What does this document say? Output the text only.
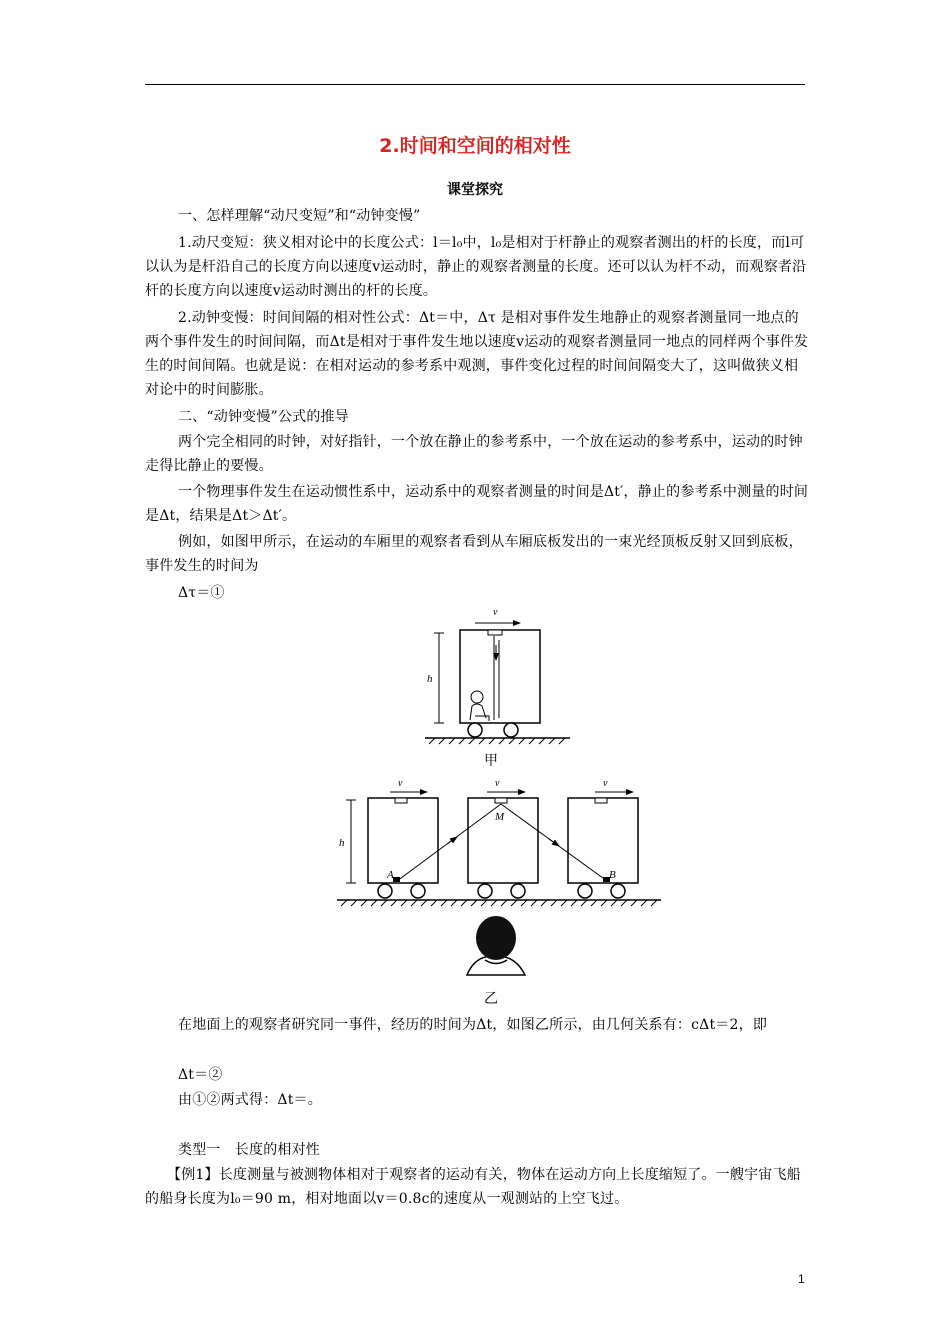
2.时间和空间的相对性
课堂探究
一、怎样理解“动尺变短”和“动钟变慢”
1.动尺变短：狭义相对论中的长度公式：l＝l₀中，l₀是相对于杆静止的观察者测出的杆的长度，而l可以认为是杆沿自己的长度方向以速度v运动时，静止的观察者测量的长度。还可以认为杆不动，而观察者沿杆的长度方向以速度v运动时测出的杆的长度。
2.动钟变慢：时间间隔的相对性公式：Δt＝中，Δτ 是相对事件发生地静止的观察者测量同一地点的两个事件发生的时间间隔，而Δt是相对于事件发生地以速度v运动的观察者测量同一地点的同样两个事件发生的时间间隔。也就是说：在相对运动的参考系中观测，事件变化过程的时间间隔变大了，这叫做狭义相对论中的时间膨胀。
二、“动钟变慢”公式的推导
两个完全相同的时钟，对好指针，一个放在静止的参考系中，一个放在运动的参考系中，运动的时钟走得比静止的要慢。
一个物理事件发生在运动惯性系中，运动系中的观察者测量的时间是Δt′，静止的参考系中测量的时间是Δt，结果是Δt＞Δt′。
例如，如图甲所示，在运动的车厢里的观察者看到从车厢底板发出的一束光经顶板反射又回到底板，事件发生的时间为
Δτ＝①
v
h
甲
v	v	v
h
A
M
B
乙
在地面上的观察者研究同一事件，经历的时间为Δt，如图乙所示，由几何关系有：cΔt＝2，即
Δt＝②
由①②两式得：Δt＝。
类型一　长度的相对性
【例1】长度测量与被测物体相对于观察者的运动有关，物体在运动方向上长度缩短了。一艘宇宙飞船的船身长度为l₀＝90 m，相对地面以v＝0.8c的速度从一观测站的上空飞过。
1
